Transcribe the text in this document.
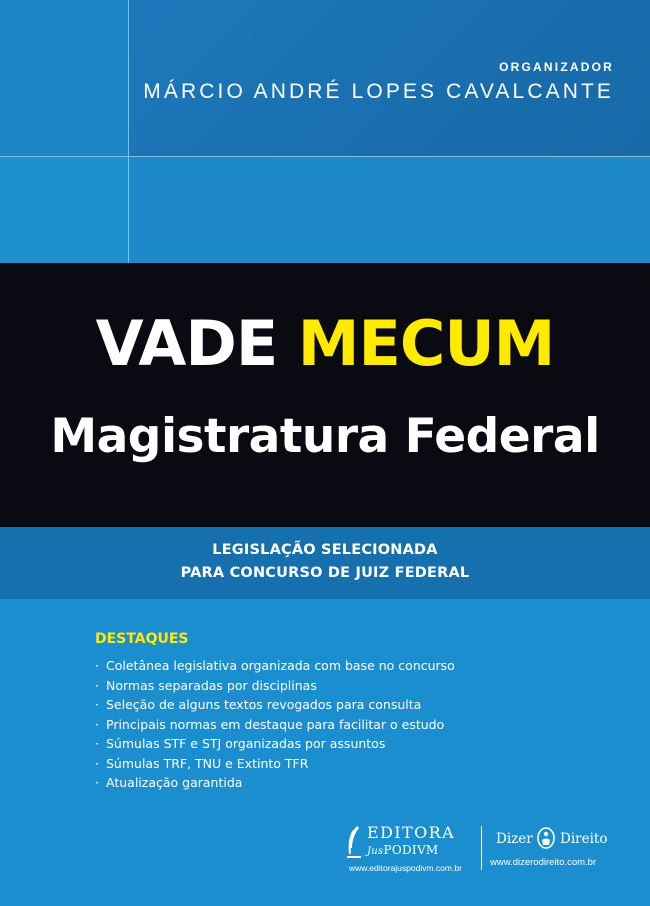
ORGANIZADOR
MÁRCIO ANDRÉ LOPES CAVALCANTE
VADE MECUM
Magistratura Federal
LEGISLAÇÃO SELECIONADA
PARA CONCURSO DE JUIZ FEDERAL
DESTAQUES
· Coletânea legislativa organizada com base no concurso
· Normas separadas por disciplinas
· Seleção de alguns textos revogados para consulta
· Principais normas em destaque para facilitar o estudo
· Súmulas STF e STJ organizadas por assuntos
· Súmulas TRF, TNU e Extinto TFR
· Atualização garantida
EDITORA
JusPODIVM
www.editorajuspodivm.com.br
Dizer Direito
www.dizerodireito.com.br
